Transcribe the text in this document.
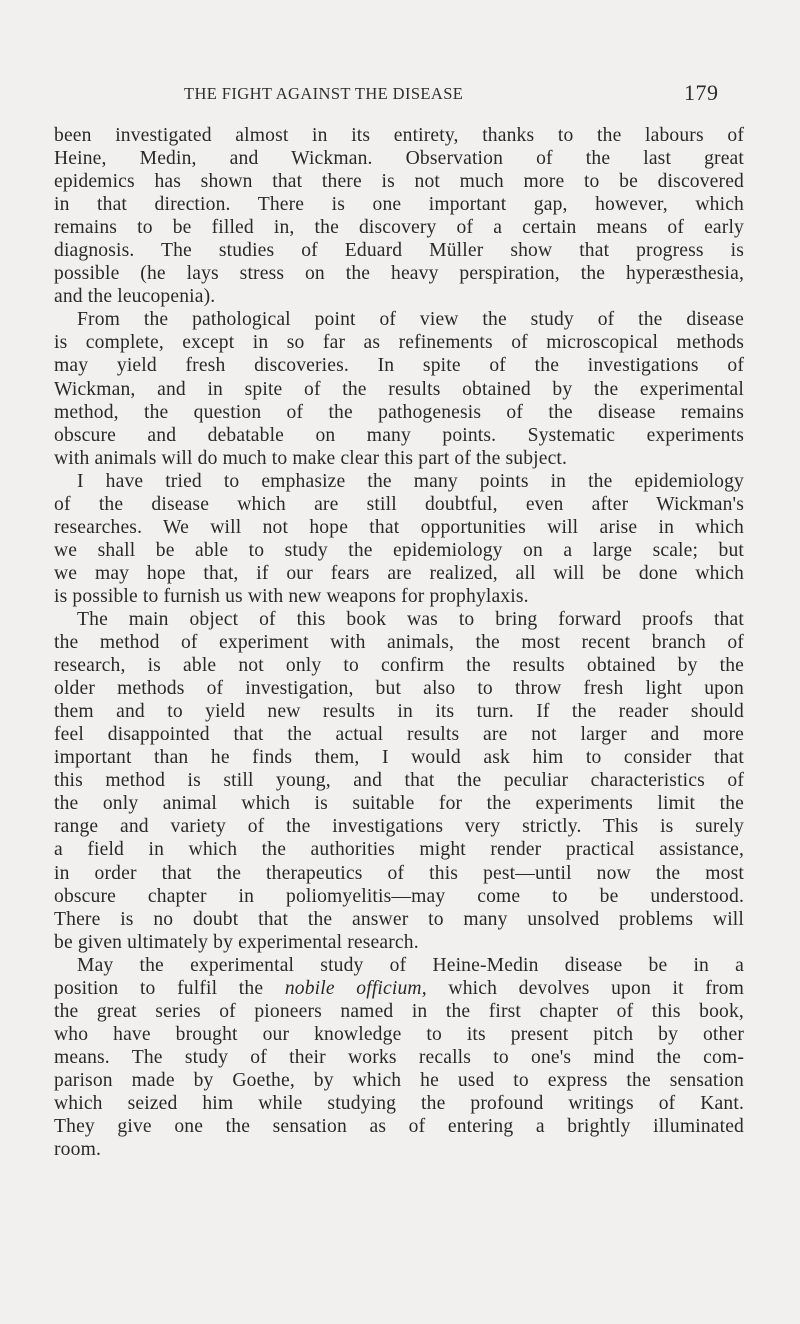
THE FIGHT AGAINST THE DISEASE	179
been investigated almost in its entirety, thanks to the labours of
Heine, Medin, and Wickman. Observation of the last great
epidemics has shown that there is not much more to be discovered
in that direction. There is one important gap, however, which
remains to be filled in, the discovery of a certain means of early
diagnosis. The studies of Eduard Müller show that progress is
possible (he lays stress on the heavy perspiration, the hyperæsthesia,
and the leucopenia).
From the pathological point of view the study of the disease
is complete, except in so far as refinements of microscopical methods
may yield fresh discoveries. In spite of the investigations of
Wickman, and in spite of the results obtained by the experimental
method, the question of the pathogenesis of the disease remains
obscure and debatable on many points. Systematic experiments
with animals will do much to make clear this part of the subject.
I have tried to emphasize the many points in the epidemiology
of the disease which are still doubtful, even after Wickman's
researches. We will not hope that opportunities will arise in which
we shall be able to study the epidemiology on a large scale; but
we may hope that, if our fears are realized, all will be done which
is possible to furnish us with new weapons for prophylaxis.
The main object of this book was to bring forward proofs that
the method of experiment with animals, the most recent branch of
research, is able not only to confirm the results obtained by the
older methods of investigation, but also to throw fresh light upon
them and to yield new results in its turn. If the reader should
feel disappointed that the actual results are not larger and more
important than he finds them, I would ask him to consider that
this method is still young, and that the peculiar characteristics of
the only animal which is suitable for the experiments limit the
range and variety of the investigations very strictly. This is surely
a field in which the authorities might render practical assistance,
in order that the therapeutics of this pest—until now the most
obscure chapter in poliomyelitis—may come to be understood.
There is no doubt that the answer to many unsolved problems will
be given ultimately by experimental research.
May the experimental study of Heine-Medin disease be in a
position to fulfil the nobile officium, which devolves upon it from
the great series of pioneers named in the first chapter of this book,
who have brought our knowledge to its present pitch by other
means. The study of their works recalls to one's mind the com-
parison made by Goethe, by which he used to express the sensation
which seized him while studying the profound writings of Kant.
They give one the sensation as of entering a brightly illuminated
room.
